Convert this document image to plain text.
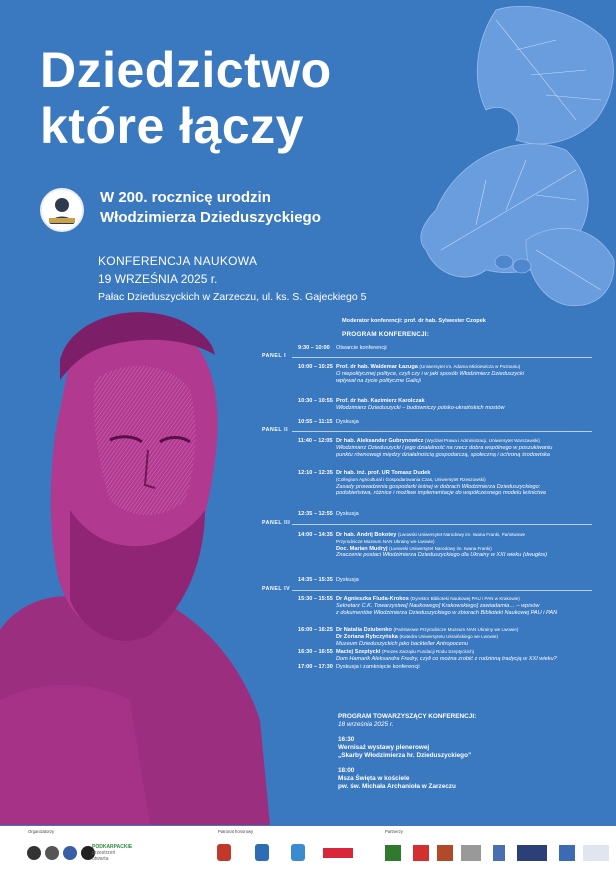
Dziedzictwo
które łączy
W 200. rocznicę urodzin
Włodzimierza Dzieduszyckiego
KONFERENCJA NAUKOWA
19 WRZEŚNIA 2025 r.
Pałac Dzieduszyckich w Zarzeczu, ul. ks. S. Gajeckiego 5
Moderator konferencji: prof. dr hab. Sylwester Czopek
PROGRAM KONFERENCJI:
PANEL I
PANEL II
PANEL III
PANEL IV
9:30 – 10:00 Otwarcie konferencji
10:00 – 10:25 Prof. dr hab. Waldemar Łazuga (Uniwersytet im. Adama Mickiewicza w Poznaniu)
O niepolitycznej polityce, czyli czy i w jaki sposób Włodzimierz Dzieduszycki
wpływał na życie polityczne Galicji
10:30 – 10:55 Prof. dr hab. Kazimierz Karolczak
Włodzimierz Dzieduszycki – budowniczy polsko-ukraińskich mostów
10:55 – 11:15 Dyskusja
11:40 – 12:05 Dr hab. Aleksander Gubrynowicz (Wydział Prawa i Administracji, Uniwersytet Warszawski)
Włodzimierz Dzieduszycki i jego działalność na rzecz dobra wspólnego w poszukiwaniu
punktu równowagi między działalnością gospodarczą, społeczną i ochroną środowiska
12:10 – 12:35 Dr hab. inż. prof. UR Tomasz Dudek
(Collegium Agricultural i Gospodarowania Czas, Uniwersytet Rzeszowski)
Zasady prowadzenia gospodarki leśnej w dobrach Włodzimierza Dzieduszyckiego:
podobieństwa, różnice i możliwe implementacje do współczesnego modelu leśnictwa
12:35 – 12:55 Dyskusja
14:00 – 14:35 Dr hab. Andrij Bokotey (Lwowski Uniwersytet Narodowy im. Iwana Franki, Państwowe
Przyrodnicze Muzeum NAN Ukrainy we Lwowie)
Doc. Marian Mudryj (Lwowski Uniwersytet Narodowy im. Iwana Franki)
Znaczenie postaci Włodzimierza Dzieduszyckiego dla Ukrainy w XXI wieku (dwugłos)
14:35 – 15:35 Dyskusja
15:30 – 15:55 Dr Agnieszka Fluda-Krokos (Dyrektor Biblioteki Naukowej PAU i PAN w Krakowie)
Sekretarz C.K. Towarzystwa] Naukowego] Krakowskiego] zawiadamia… – wpisów
z dokumentów Włodzimierza Dzieduszyckiego w zbiorach Biblioteki Naukowej PAU i PAN
16:00 – 16:25 Dr Natalia Dziubenko (Państwowe Przyrodnicze Muzeum NAN Ukrainy we Lwowie)
Dr Zoriana Rybczyńska (Katedra Uniwersytetu Ukraińskiego we Lwowie)
Muzeum Dzieduszyckich jako backteller Antropocenu
16:30 – 16:55 Maciej Szeptycki (Prezes Zarządu Fundacji Rodu Szeptyckich)
Dom Hamarik Aleksandra Fredry, czyli co można zrobić z rodzinną tradycją w XXI wieku?
17:00 – 17:30 Dyskusja i zamknięcie konferencji
PROGRAM TOWARZYSZĄCY KONFERENCJI:
18 września 2025 r.
16:30
Wernisaż wystawy plenerowej
„Skarby Włodzimierza hr. Dzieduszyckiego”
18:00
Msza Święta w kościele
pw. św. Michała Archanioła w Zarzeczu
Organizatorzy	Patronat honorowy	Partnerzy
PODKARPACKIE
przestrzeń otwarta
